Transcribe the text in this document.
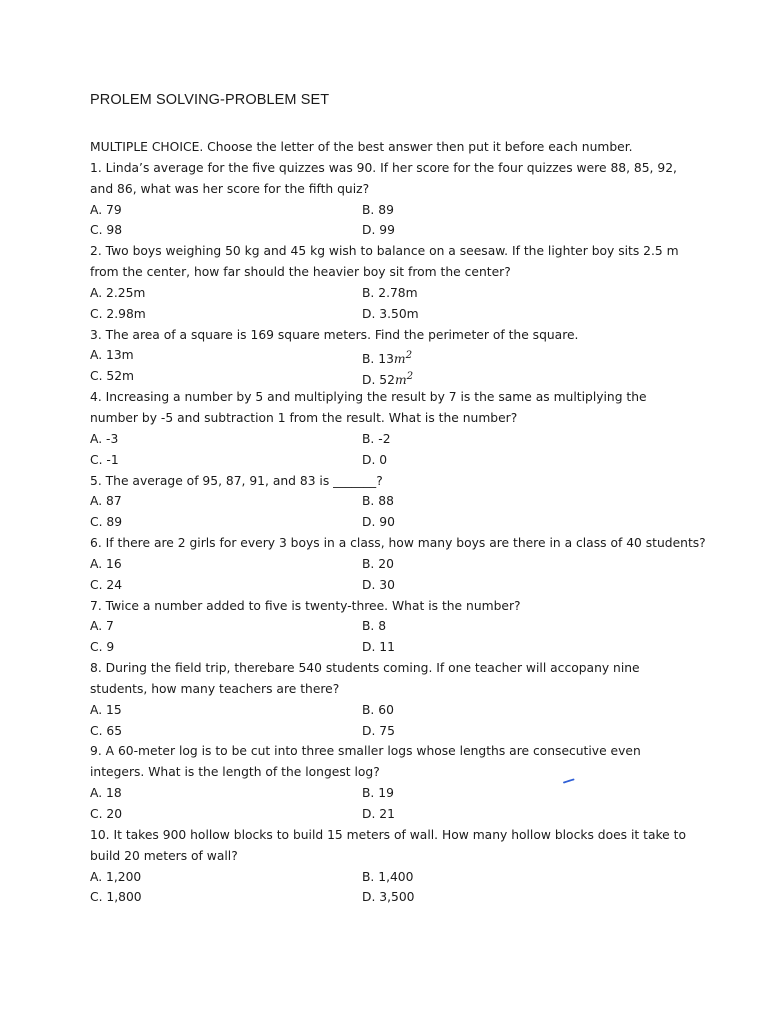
PROLEM SOLVING-PROBLEM SET
MULTIPLE CHOICE. Choose the letter of the best answer then put it before each number.
1. Linda’s average for the five quizzes was 90. If her score for the four quizzes were 88, 85, 92, and 86, what was her score for the fifth quiz?
A. 79	B. 89
C. 98	D. 99
2. Two boys weighing 50 kg and 45 kg wish to balance on a seesaw. If the lighter boy sits 2.5 m from the center, how far should the heavier boy sit from the center?
A. 2.25m	B. 2.78m
C. 2.98m	D. 3.50m
3. The area of a square is 169 square meters. Find the perimeter of the square.
A. 13m	B. $13m^2$
C. 52m	D. $52m^2$
4. Increasing a number by 5 and multiplying the result by 7 is the same as multiplying the number by -5 and subtraction 1 from the result. What is the number?
A. -3	B. -2
C. -1	D. 0
5. The average of 95, 87, 91, and 83 is _______?
A. 87	B. 88
C. 89	D. 90
6. If there are 2 girls for every 3 boys in a class, how many boys are there in a class of 40 students?
A. 16	B. 20
C. 24	D. 30
7. Twice a number added to five is twenty-three. What is the number?
A. 7	B. 8
C. 9	D. 11
8. During the field trip, therebare 540 students coming. If one teacher will accopany nine students, how many teachers are there?
A. 15	B. 60
C. 65	D. 75
9. A 60-meter log is to be cut into three smaller logs whose lengths are consecutive even integers. What is the length of the longest log?
A. 18	B. 19
C. 20	D. 21
10. It takes 900 hollow blocks to build 15 meters of wall. How many hollow blocks does it take to build 20 meters of wall?
A. 1,200	B. 1,400
C. 1,800	D. 3,500
